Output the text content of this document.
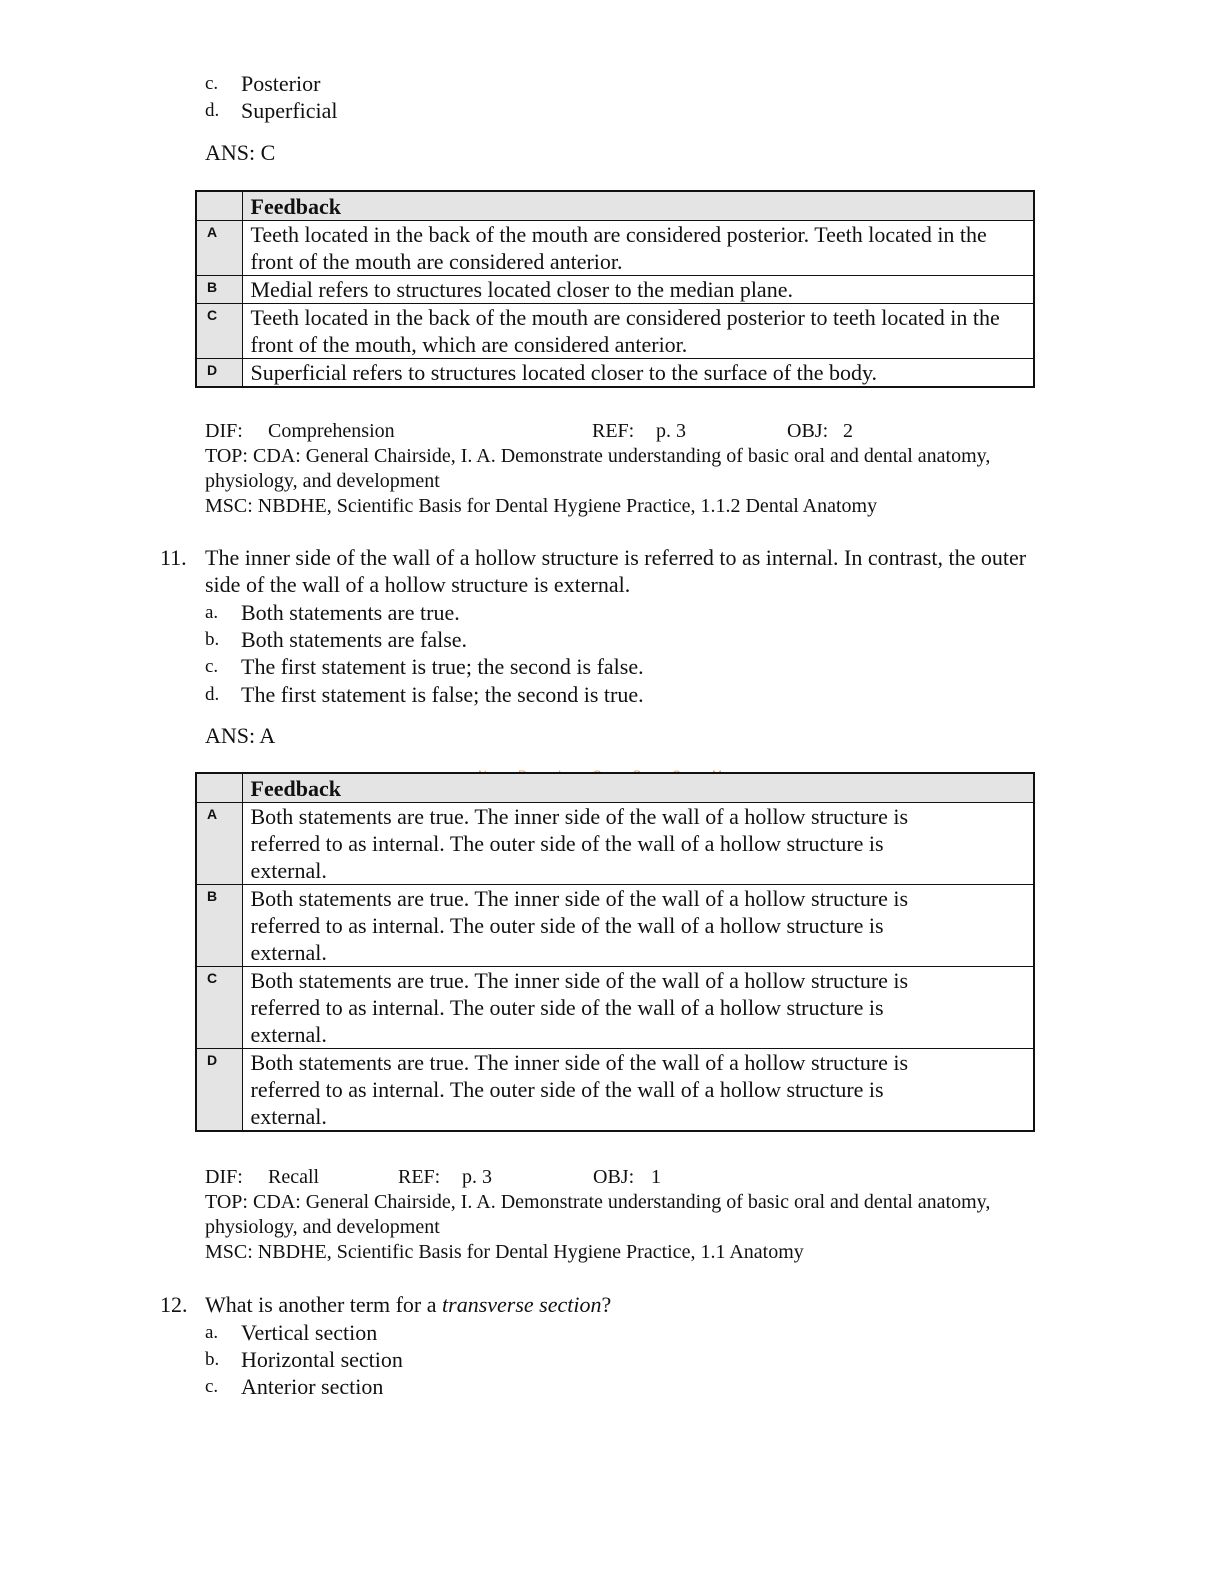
c.	Posterior
d. Superficial
ANS: C
	Feedback
A	Teeth located in the back of the mouth are considered posterior. Teeth located in the front of the mouth are considered anterior.
B	Medial refers to structures located closer to the median plane.
C	Teeth located in the back of the mouth are considered posterior to teeth located in the front of the mouth, which are considered anterior.
D	Superficial refers to structures located closer to the surface of the body.
DIF: Comprehension	REF: p. 3	OBJ: 2
TOP: CDA: General Chairside, I. A. Demonstrate understanding of basic oral and dental anatomy,
physiology, and development
MSC: NBDHE, Scientific Basis for Dental Hygiene Practice, 1.1.2 Dental Anatomy
11. The inner side of the wall of a hollow structure is referred to as internal. In contrast, the outer
side of the wall of a hollow structure is external.
a.	Both statements are true.
b. Both statements are false.
c.	The first statement is true; the second is false.
d. The first statement is false; the second is true.
ANS: A
	Feedback
A	Both statements are true. The inner side of the wall of a hollow structure is referred to as internal. The outer side of the wall of a hollow structure is external.
B	Both statements are true. The inner side of the wall of a hollow structure is referred to as internal. The outer side of the wall of a hollow structure is external.
C	Both statements are true. The inner side of the wall of a hollow structure is referred to as internal. The outer side of the wall of a hollow structure is external.
D	Both statements are true. The inner side of the wall of a hollow structure is referred to as internal. The outer side of the wall of a hollow structure is external.
DIF: Recall	REF: p. 3	OBJ: 1
TOP: CDA: General Chairside, I. A. Demonstrate understanding of basic oral and dental anatomy,
physiology, and development
MSC: NBDHE, Scientific Basis for Dental Hygiene Practice, 1.1 Anatomy
12. What is another term for a transverse section?
a.	Vertical section
b. Horizontal section
c.	Anterior section
